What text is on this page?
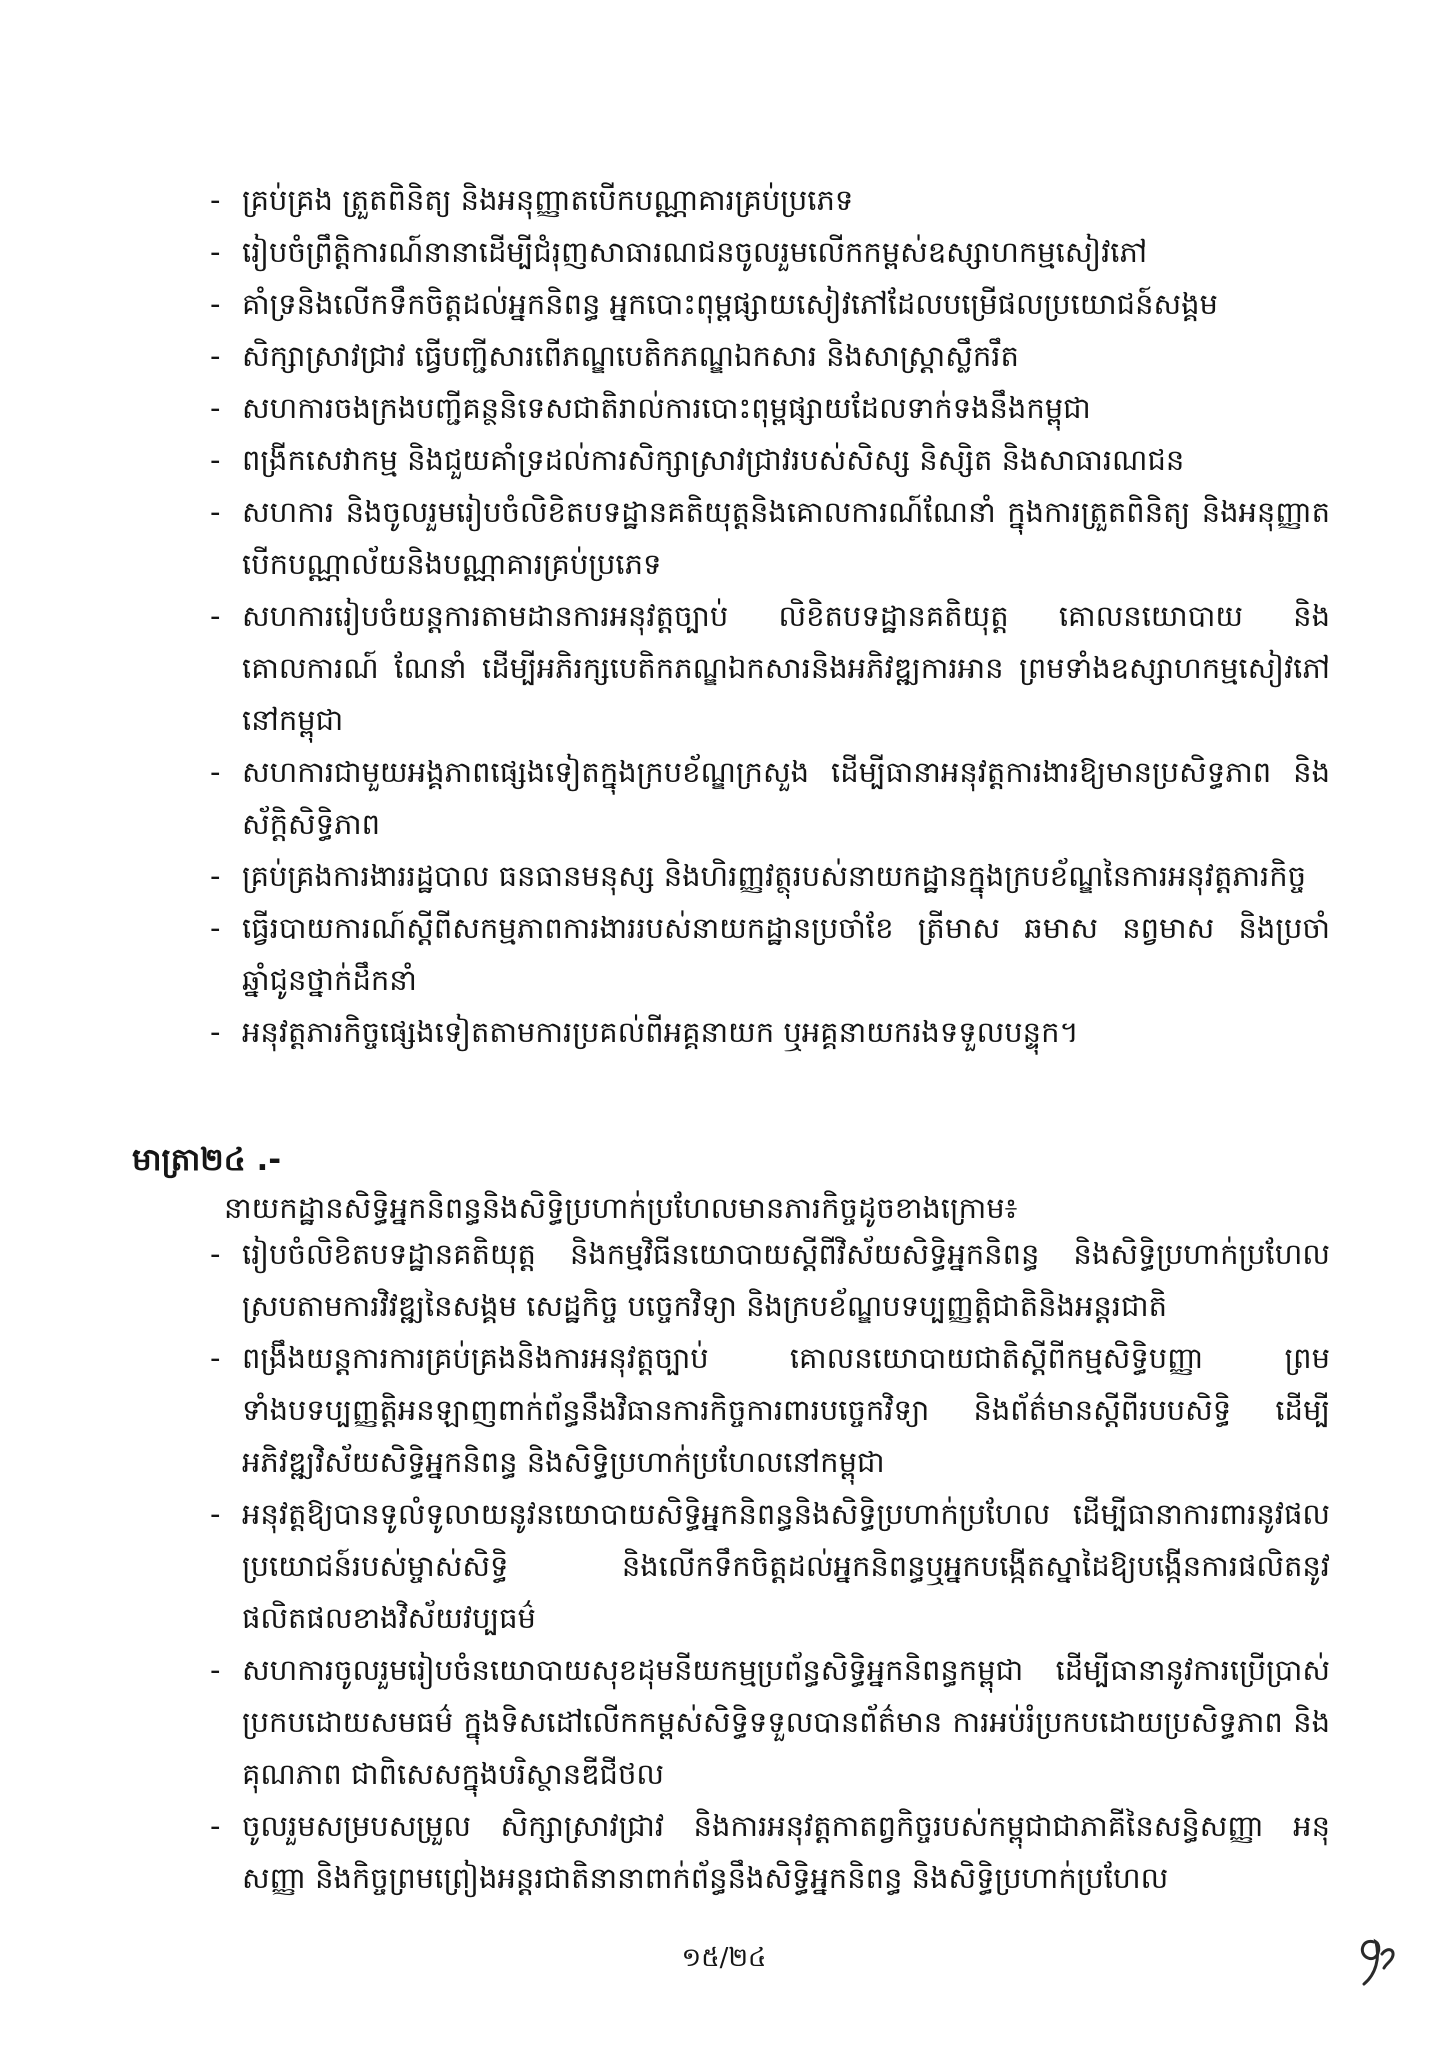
- គ្រប់គ្រង ត្រួតពិនិត្យ និងអនុញ្ញាតបើកបណ្ណាគារគ្រប់ប្រភេទ
- រៀបចំព្រឹត្តិការណ៍នានាដើម្បីជំរុញសាធារណជនចូលរួមលើកកម្ពស់ឧស្សាហកម្មសៀវភៅ
- គាំទ្រនិងលើកទឹកចិត្តដល់អ្នកនិពន្ធ អ្នកបោះពុម្ពផ្សាយសៀវភៅដែលបម្រើផលប្រយោជន៍សង្គម
- សិក្សាស្រាវជ្រាវ ធ្វើបញ្ជីសារពើភណ្ឌបេតិកភណ្ឌឯកសារ និងសាស្ត្រាស្លឹករឹត
- សហការចងក្រងបញ្ជីគន្ថនិទេសជាតិរាល់ការបោះពុម្ពផ្សាយដែលទាក់ទងនឹងកម្ពុជា
- ពង្រីកសេវាកម្ម និងជួយគាំទ្រដល់ការសិក្សាស្រាវជ្រាវរបស់សិស្ស និស្សិត និងសាធារណជន
- សហការ និងចូលរួមរៀបចំលិខិតបទដ្ឋានគតិយុត្តនិងគោលការណ៍ណែនាំ ក្នុងការត្រួតពិនិត្យ និងអនុញ្ញាតបើកបណ្ណាល័យនិងបណ្ណាគារគ្រប់ប្រភេទ
- សហការរៀបចំយន្តការតាមដានការអនុវត្តច្បាប់ លិខិតបទដ្ឋានគតិយុត្ត គោលនយោបាយ និងគោលការណ៍ ណែនាំ ដើម្បីអភិរក្សបេតិកភណ្ឌឯកសារនិងអភិវឌ្ឍការអាន ព្រមទាំងឧស្សាហកម្មសៀវភៅនៅកម្ពុជា
- សហការជាមួយអង្គភាពផ្សេងទៀតក្នុងក្របខ័ណ្ឌក្រសួង ដើម្បីធានាអនុវត្តការងារឱ្យមានប្រសិទ្ធភាព និងស័ក្តិសិទ្ធិភាព
- គ្រប់គ្រងការងាររដ្ឋបាល ធនធានមនុស្ស និងហិរញ្ញវត្ថុរបស់នាយកដ្ឋានក្នុងក្របខ័ណ្ឌនៃការអនុវត្តភារកិច្ច
- ធ្វើរបាយការណ៍ស្តីពីសកម្មភាពការងាររបស់នាយកដ្ឋានប្រចាំខែ ត្រីមាស ឆមាស នព្វមាស និងប្រចាំឆ្នាំជូនថ្នាក់ដឹកនាំ
- អនុវត្តភារកិច្ចផ្សេងទៀតតាមការប្រគល់ពីអគ្គនាយក ឬអគ្គនាយករងទទួលបន្ទុក។
មាត្រា២៤ .-
នាយកដ្ឋានសិទ្ធិអ្នកនិពន្ធនិងសិទ្ធិប្រហាក់ប្រហែលមានភារកិច្ចដូចខាងក្រោម៖
- រៀបចំលិខិតបទដ្ឋានគតិយុត្ត និងកម្មវិធីនយោបាយស្តីពីវិស័យសិទ្ធិអ្នកនិពន្ធ និងសិទ្ធិប្រហាក់ប្រហែលស្របតាមការវិវឌ្ឍនៃសង្គម សេដ្ឋកិច្ច បច្ចេកវិទ្យា និងក្របខ័ណ្ឌបទប្បញ្ញត្តិជាតិនិងអន្តរជាតិ
- ពង្រឹងយន្តការការគ្រប់គ្រងនិងការអនុវត្តច្បាប់ គោលនយោបាយជាតិស្តីពីកម្មសិទ្ធិបញ្ញា ព្រមទាំងបទប្បញ្ញត្តិអនឡាញពាក់ព័ន្ធនឹងវិធានការកិច្ចការពារបច្ចេកវិទ្យា និងព័ត៌មានស្តីពីរបបសិទ្ធិ ដើម្បីអភិវឌ្ឍវិស័យសិទ្ធិអ្នកនិពន្ធ និងសិទ្ធិប្រហាក់ប្រហែលនៅកម្ពុជា
- អនុវត្តឱ្យបានទូលំទូលាយនូវនយោបាយសិទ្ធិអ្នកនិពន្ធនិងសិទ្ធិប្រហាក់ប្រហែល ដើម្បីធានាការពារនូវផលប្រយោជន៍របស់ម្ចាស់សិទ្ធិ និងលើកទឹកចិត្តដល់អ្នកនិពន្ធឬអ្នកបង្កើតស្នាដៃឱ្យបង្កើនការផលិតនូវផលិតផលខាងវិស័យវប្បធម៌
- សហការចូលរួមរៀបចំនយោបាយសុខដុមនីយកម្មប្រព័ន្ធសិទ្ធិអ្នកនិពន្ធកម្ពុជា ដើម្បីធានានូវការប្រើប្រាស់ប្រកបដោយសមធម៌ ក្នុងទិសដៅលើកកម្ពស់សិទ្ធិទទួលបានព័ត៌មាន ការអប់រំប្រកបដោយប្រសិទ្ធភាព និងគុណភាព ជាពិសេសក្នុងបរិស្ថានឌីជីថល
- ចូលរួមសម្របសម្រួល សិក្សាស្រាវជ្រាវ និងការអនុវត្តកាតព្វកិច្ចរបស់កម្ពុជាជាភាគីនៃសន្ធិសញ្ញា អនុសញ្ញា និងកិច្ចព្រមព្រៀងអន្តរជាតិនានាពាក់ព័ន្ធនឹងសិទ្ធិអ្នកនិពន្ធ និងសិទ្ធិប្រហាក់ប្រហែល
១៥/២៤
